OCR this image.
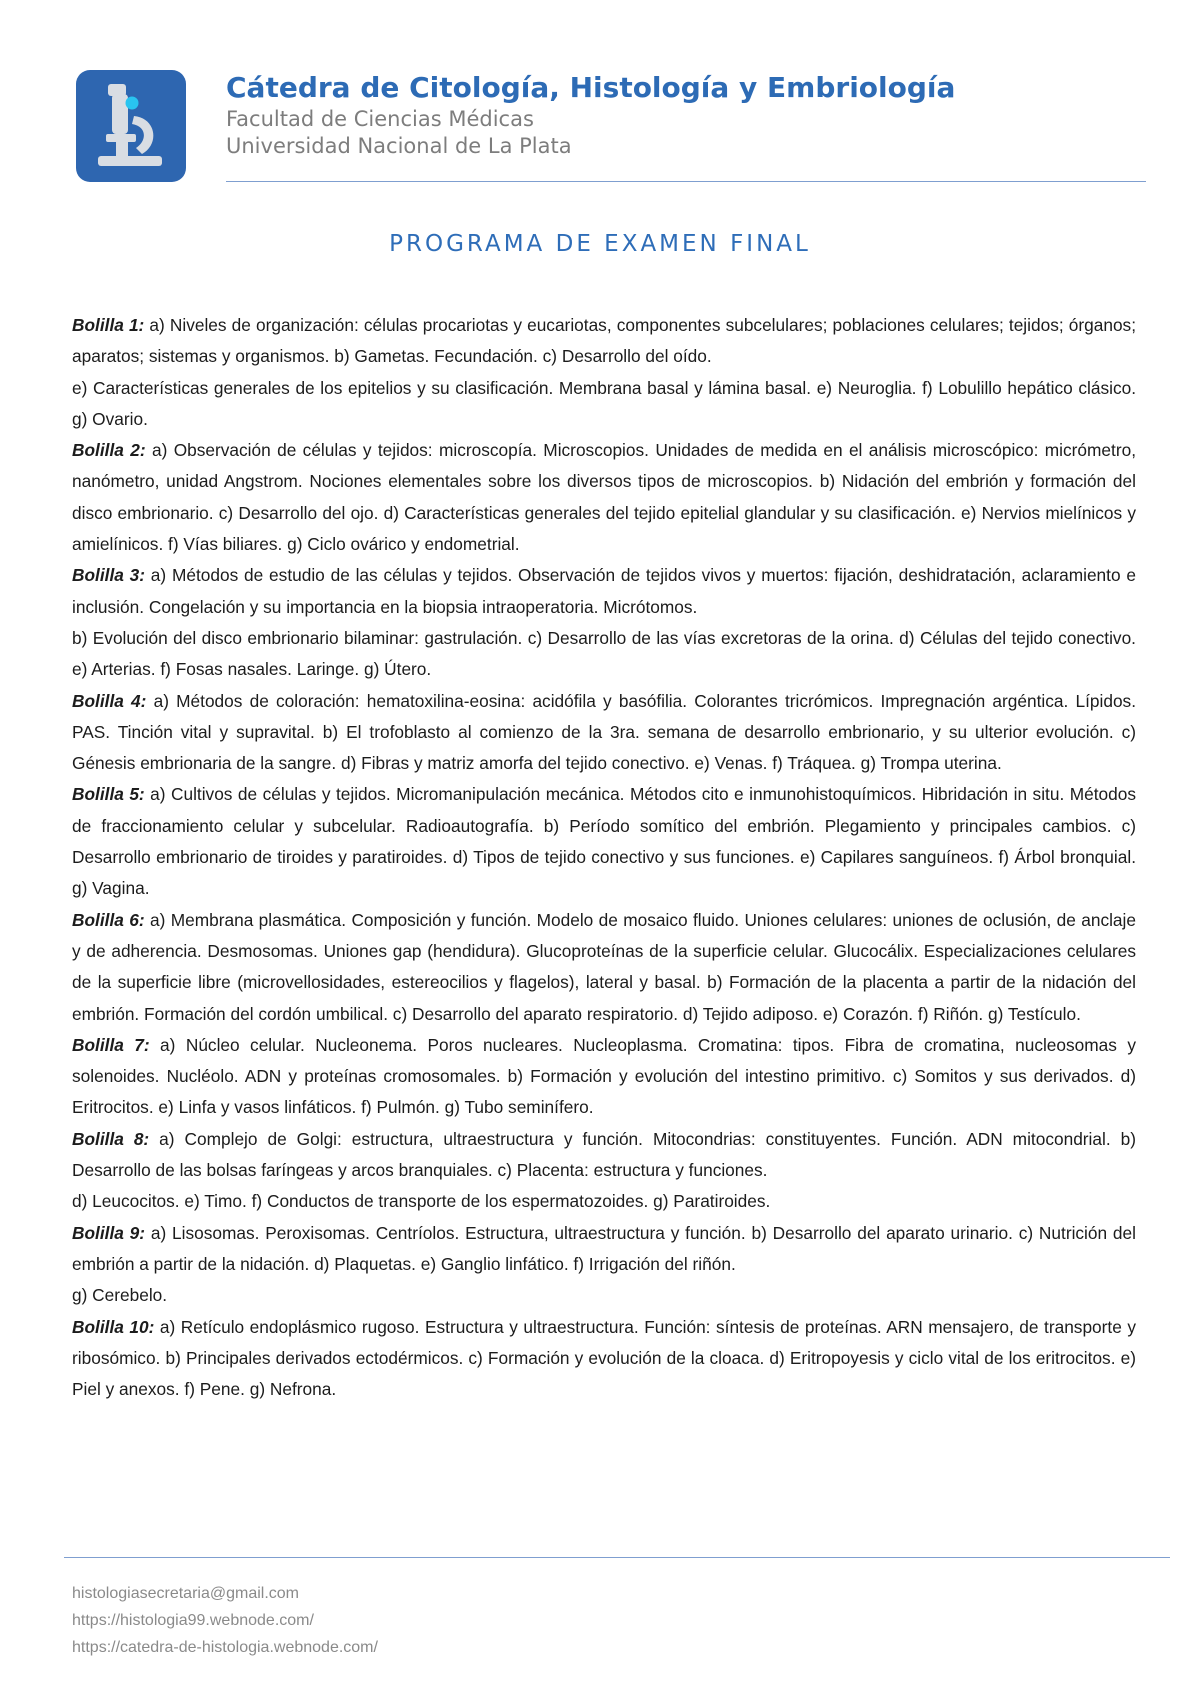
Cátedra de Citología, Histología y Embriología
Facultad de Ciencias Médicas
Universidad Nacional de La Plata
PROGRAMA DE EXAMEN FINAL

Bolilla 1: a) Niveles de organización: células procariotas y eucariotas, componentes subcelulares; poblaciones celulares; tejidos; órganos; aparatos; sistemas y organismos. b) Gametas. Fecundación. c) Desarrollo del oído.

e) Características generales de los epitelios y su clasificación. Membrana basal y lámina basal. e) Neuroglia. f) Lobulillo hepático clásico. g) Ovario.

Bolilla 2: a) Observación de células y tejidos: microscopía. Microscopios. Unidades de medida en el análisis microscópico: micrómetro, nanómetro, unidad Angstrom. Nociones elementales sobre los diversos tipos de microscopios. b) Nidación del embrión y formación del disco embrionario. c) Desarrollo del ojo. d) Características generales del tejido epitelial glandular y su clasificación. e) Nervios mielínicos y amielínicos. f) Vías biliares. g) Ciclo ovárico y endometrial.

Bolilla 3: a) Métodos de estudio de las células y tejidos. Observación de tejidos vivos y muertos: fijación, deshidratación, aclaramiento e inclusión. Congelación y su importancia en la biopsia intraoperatoria. Micrótomos.

b) Evolución del disco embrionario bilaminar: gastrulación. c) Desarrollo de las vías excretoras de la orina. d) Células del tejido conectivo. e) Arterias. f) Fosas nasales. Laringe. g) Útero.

Bolilla 4: a) Métodos de coloración: hematoxilina-eosina: acidófila y basófilia. Colorantes tricrómicos. Impregnación argéntica. Lípidos. PAS. Tinción vital y supravital. b) El trofoblasto al comienzo de la 3ra. semana de desarrollo embrionario, y su ulterior evolución. c) Génesis embrionaria de la sangre. d) Fibras y matriz amorfa del tejido conectivo. e) Venas. f) Tráquea. g) Trompa uterina.

Bolilla 5: a) Cultivos de células y tejidos. Micromanipulación mecánica. Métodos cito e inmunohistoquímicos. Hibridación in situ. Métodos de fraccionamiento celular y subcelular. Radioautografía. b) Período somítico del embrión. Plegamiento y principales cambios. c) Desarrollo embrionario de tiroides y paratiroides. d) Tipos de tejido conectivo y sus funciones. e) Capilares sanguíneos. f) Árbol bronquial. g) Vagina.

Bolilla 6: a) Membrana plasmática. Composición y función. Modelo de mosaico fluido. Uniones celulares: uniones de oclusión, de anclaje y de adherencia. Desmosomas. Uniones gap (hendidura). Glucoproteínas de la superficie celular. Glucocálix. Especializaciones celulares de la superficie libre (microvellosidades, estereocilios y flagelos), lateral y basal. b) Formación de la placenta a partir de la nidación del embrión. Formación del cordón umbilical. c) Desarrollo del aparato respiratorio. d) Tejido adiposo. e) Corazón. f) Riñón. g) Testículo.

Bolilla 7: a) Núcleo celular. Nucleonema. Poros nucleares. Nucleoplasma. Cromatina: tipos. Fibra de cromatina, nucleosomas y solenoides. Nucléolo. ADN y proteínas cromosomales. b) Formación y evolución del intestino primitivo. c) Somitos y sus derivados. d) Eritrocitos. e) Linfa y vasos linfáticos. f) Pulmón. g) Tubo seminífero.

Bolilla 8: a) Complejo de Golgi: estructura, ultraestructura y función. Mitocondrias: constituyentes. Función. ADN mitocondrial. b) Desarrollo de las bolsas faríngeas y arcos branquiales. c) Placenta: estructura y funciones.

d) Leucocitos. e) Timo. f) Conductos de transporte de los espermatozoides. g) Paratiroides.

Bolilla 9: a) Lisosomas. Peroxisomas. Centríolos. Estructura, ultraestructura y función. b) Desarrollo del aparato urinario. c) Nutrición del embrión a partir de la nidación. d) Plaquetas. e) Ganglio linfático. f) Irrigación del riñón.

g) Cerebelo.

Bolilla 10: a) Retículo endoplásmico rugoso. Estructura y ultraestructura. Función: síntesis de proteínas. ARN mensajero, de transporte y ribosómico. b) Principales derivados ectodérmicos. c) Formación y evolución de la cloaca. d) Eritropoyesis y ciclo vital de los eritrocitos. e) Piel y anexos. f) Pene. g) Nefrona.

histologiasecretaria@gmail.com
https://histologia99.webnode.com/
https://catedra-de-histologia.webnode.com/
